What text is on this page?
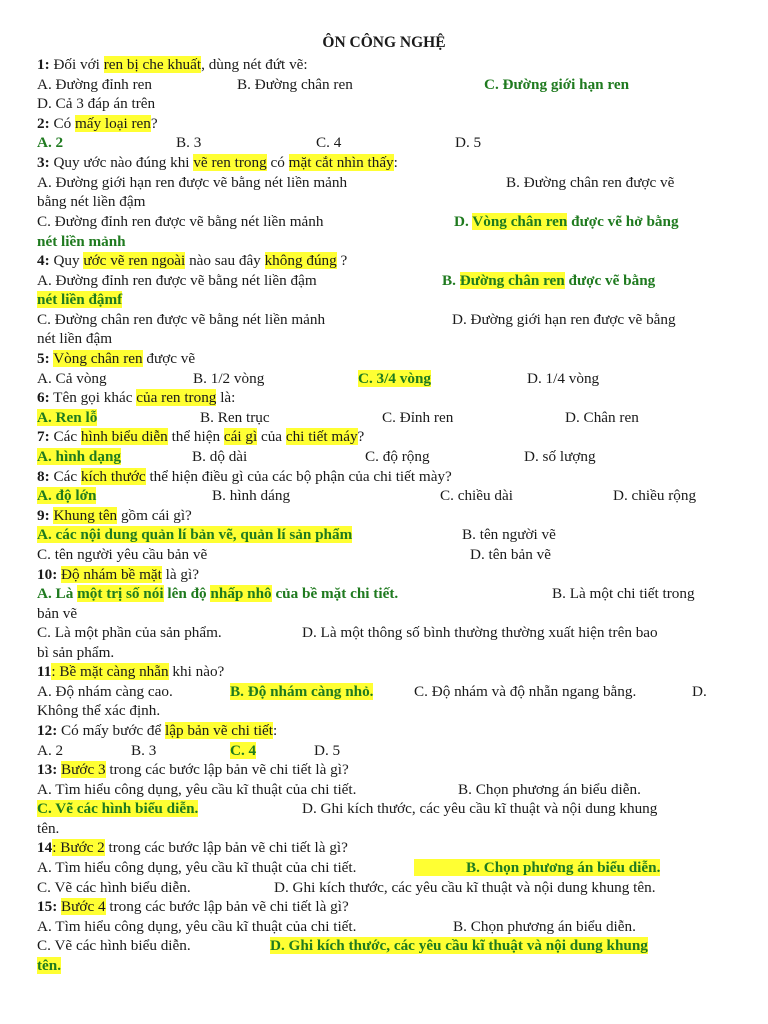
ÔN CÔNG NGHỆ
1: Đối với ren bị che khuất, dùng nét đứt vẽ:
A. Đường đỉnh ren	B. Đường chân ren	C. Đường giới hạn ren
D. Cả 3 đáp án trên
2: Có mấy loại ren?
A. 2	B. 3	C. 4	D. 5
3: Quy ước nào đúng khi vẽ ren trong có mặt cắt nhìn thấy:
A. Đường giới hạn ren được vẽ bằng nét liền mảnh	B. Đường chân ren được vẽ
bằng nét liền đậm
C. Đường đỉnh ren được vẽ bằng nét liền mảnh	D. Vòng chân ren được vẽ hở bằng
nét liền mảnh
4: Quy ước vẽ ren ngoài nào sau đây không đúng ?
A. Đường đỉnh ren được vẽ bằng nét liền đậm	B. Đường chân ren được vẽ bằng
nét liền đậmf
C. Đường chân ren được vẽ bằng nét liền mảnh	D. Đường giới hạn ren được vẽ bằng
nét liền đậm
5: Vòng chân ren được vẽ
A. Cả vòng	B. 1/2 vòng	C. 3/4 vòng	D. 1/4 vòng
6: Tên gọi khác của ren trong là:
A. Ren lỗ	B. Ren trục	C. Đỉnh ren	D. Chân ren
7: Các hình biểu diễn thể hiện cái gì của chi tiết máy?
A. hình dạng	B. dộ dài	C. độ rộng	D. số lượng
8: Các kích thước thể hiện điều gì của các bộ phận của chi tiết mày?
A. độ lớn	B. hình dáng	C. chiều dài	D. chiều rộng
9: Khung tên gồm cái gì?
A. các nội dung quản lí bản vẽ, quản lí sản phẩm	B. tên người vẽ
C. tên người yêu cầu bản vẽ	D. tên bản vẽ
10: Độ nhám bề mặt là gì?
A. Là một trị số nói lên độ nhấp nhô của bề mặt chi tiết.	B. Là một chi tiết trong
bản vẽ
C. Là một phần của sản phẩm.	D. Là một thông số bình thường thường xuất hiện trên bao
bì sản phẩm.
11: Bề mặt càng nhẵn khi nào?
A. Độ nhám càng cao.	B. Độ nhám càng nhỏ.	C. Độ nhám và độ nhẵn ngang bằng.	D.
Không thể xác định.
12: Có mấy bước để lập bản vẽ chi tiết:
A. 2	B. 3	C. 4	D. 5
13: Bước 3 trong các bước lập bản vẽ chi tiết là gì?
A. Tìm hiểu công dụng, yêu cầu kĩ thuật của chi tiết.	B. Chọn phương án biểu diễn.
C. Vẽ các hình biểu diễn.	D. Ghi kích thước, các yêu cầu kĩ thuật và nội dung khung
tên.
14: Bước 2 trong các bước lập bản vẽ chi tiết là gì?
A. Tìm hiểu công dụng, yêu cầu kĩ thuật của chi tiết.	B. Chọn phương án biểu diễn.
C. Vẽ các hình biểu diễn.	D. Ghi kích thước, các yêu cầu kĩ thuật và nội dung khung tên.
15: Bước 4 trong các bước lập bản vẽ chi tiết là gì?
A. Tìm hiểu công dụng, yêu cầu kĩ thuật của chi tiết.	B. Chọn phương án biểu diễn.
C. Vẽ các hình biểu diễn.	D. Ghi kích thước, các yêu cầu kĩ thuật và nội dung khung
tên.
